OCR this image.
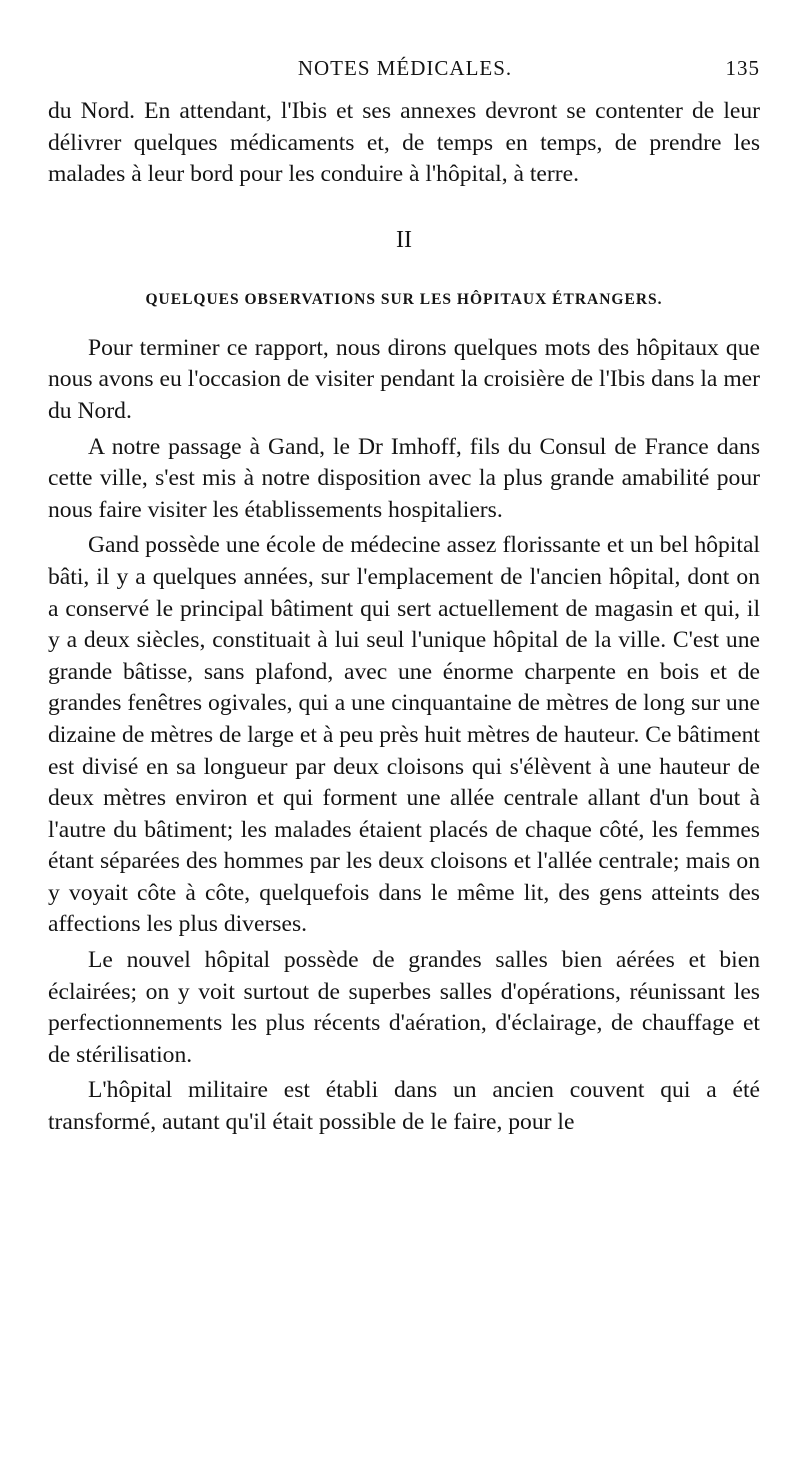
NOTES MÉDICALES.	135

du Nord. En attendant, l'Ibis et ses annexes devront se contenter de leur délivrer quelques médicaments et, de temps en temps, de prendre les malades à leur bord pour les conduire à l'hôpital, à terre.

II

QUELQUES OBSERVATIONS SUR LES HÔPITAUX ÉTRANGERS.

Pour terminer ce rapport, nous dirons quelques mots des hôpitaux que nous avons eu l'occasion de visiter pendant la croisière de l'Ibis dans la mer du Nord.

A notre passage à Gand, le Dr Imhoff, fils du Consul de France dans cette ville, s'est mis à notre disposition avec la plus grande amabilité pour nous faire visiter les établissements hospitaliers.

Gand possède une école de médecine assez florissante et un bel hôpital bâti, il y a quelques années, sur l'emplacement de l'ancien hôpital, dont on a conservé le principal bâtiment qui sert actuellement de magasin et qui, il y a deux siècles, constituait à lui seul l'unique hôpital de la ville. C'est une grande bâtisse, sans plafond, avec une énorme charpente en bois et de grandes fenêtres ogivales, qui a une cinquantaine de mètres de long sur une dizaine de mètres de large et à peu près huit mètres de hauteur. Ce bâtiment est divisé en sa longueur par deux cloisons qui s'élèvent à une hauteur de deux mètres environ et qui forment une allée centrale allant d'un bout à l'autre du bâtiment; les malades étaient placés de chaque côté, les femmes étant séparées des hommes par les deux cloisons et l'allée centrale; mais on y voyait côte à côte, quelquefois dans le même lit, des gens atteints des affections les plus diverses.

Le nouvel hôpital possède de grandes salles bien aérées et bien éclairées; on y voit surtout de superbes salles d'opérations, réunissant les perfectionnements les plus récents d'aération, d'éclairage, de chauffage et de stérilisation.

L'hôpital militaire est établi dans un ancien couvent qui a été transformé, autant qu'il était possible de le faire, pour le
